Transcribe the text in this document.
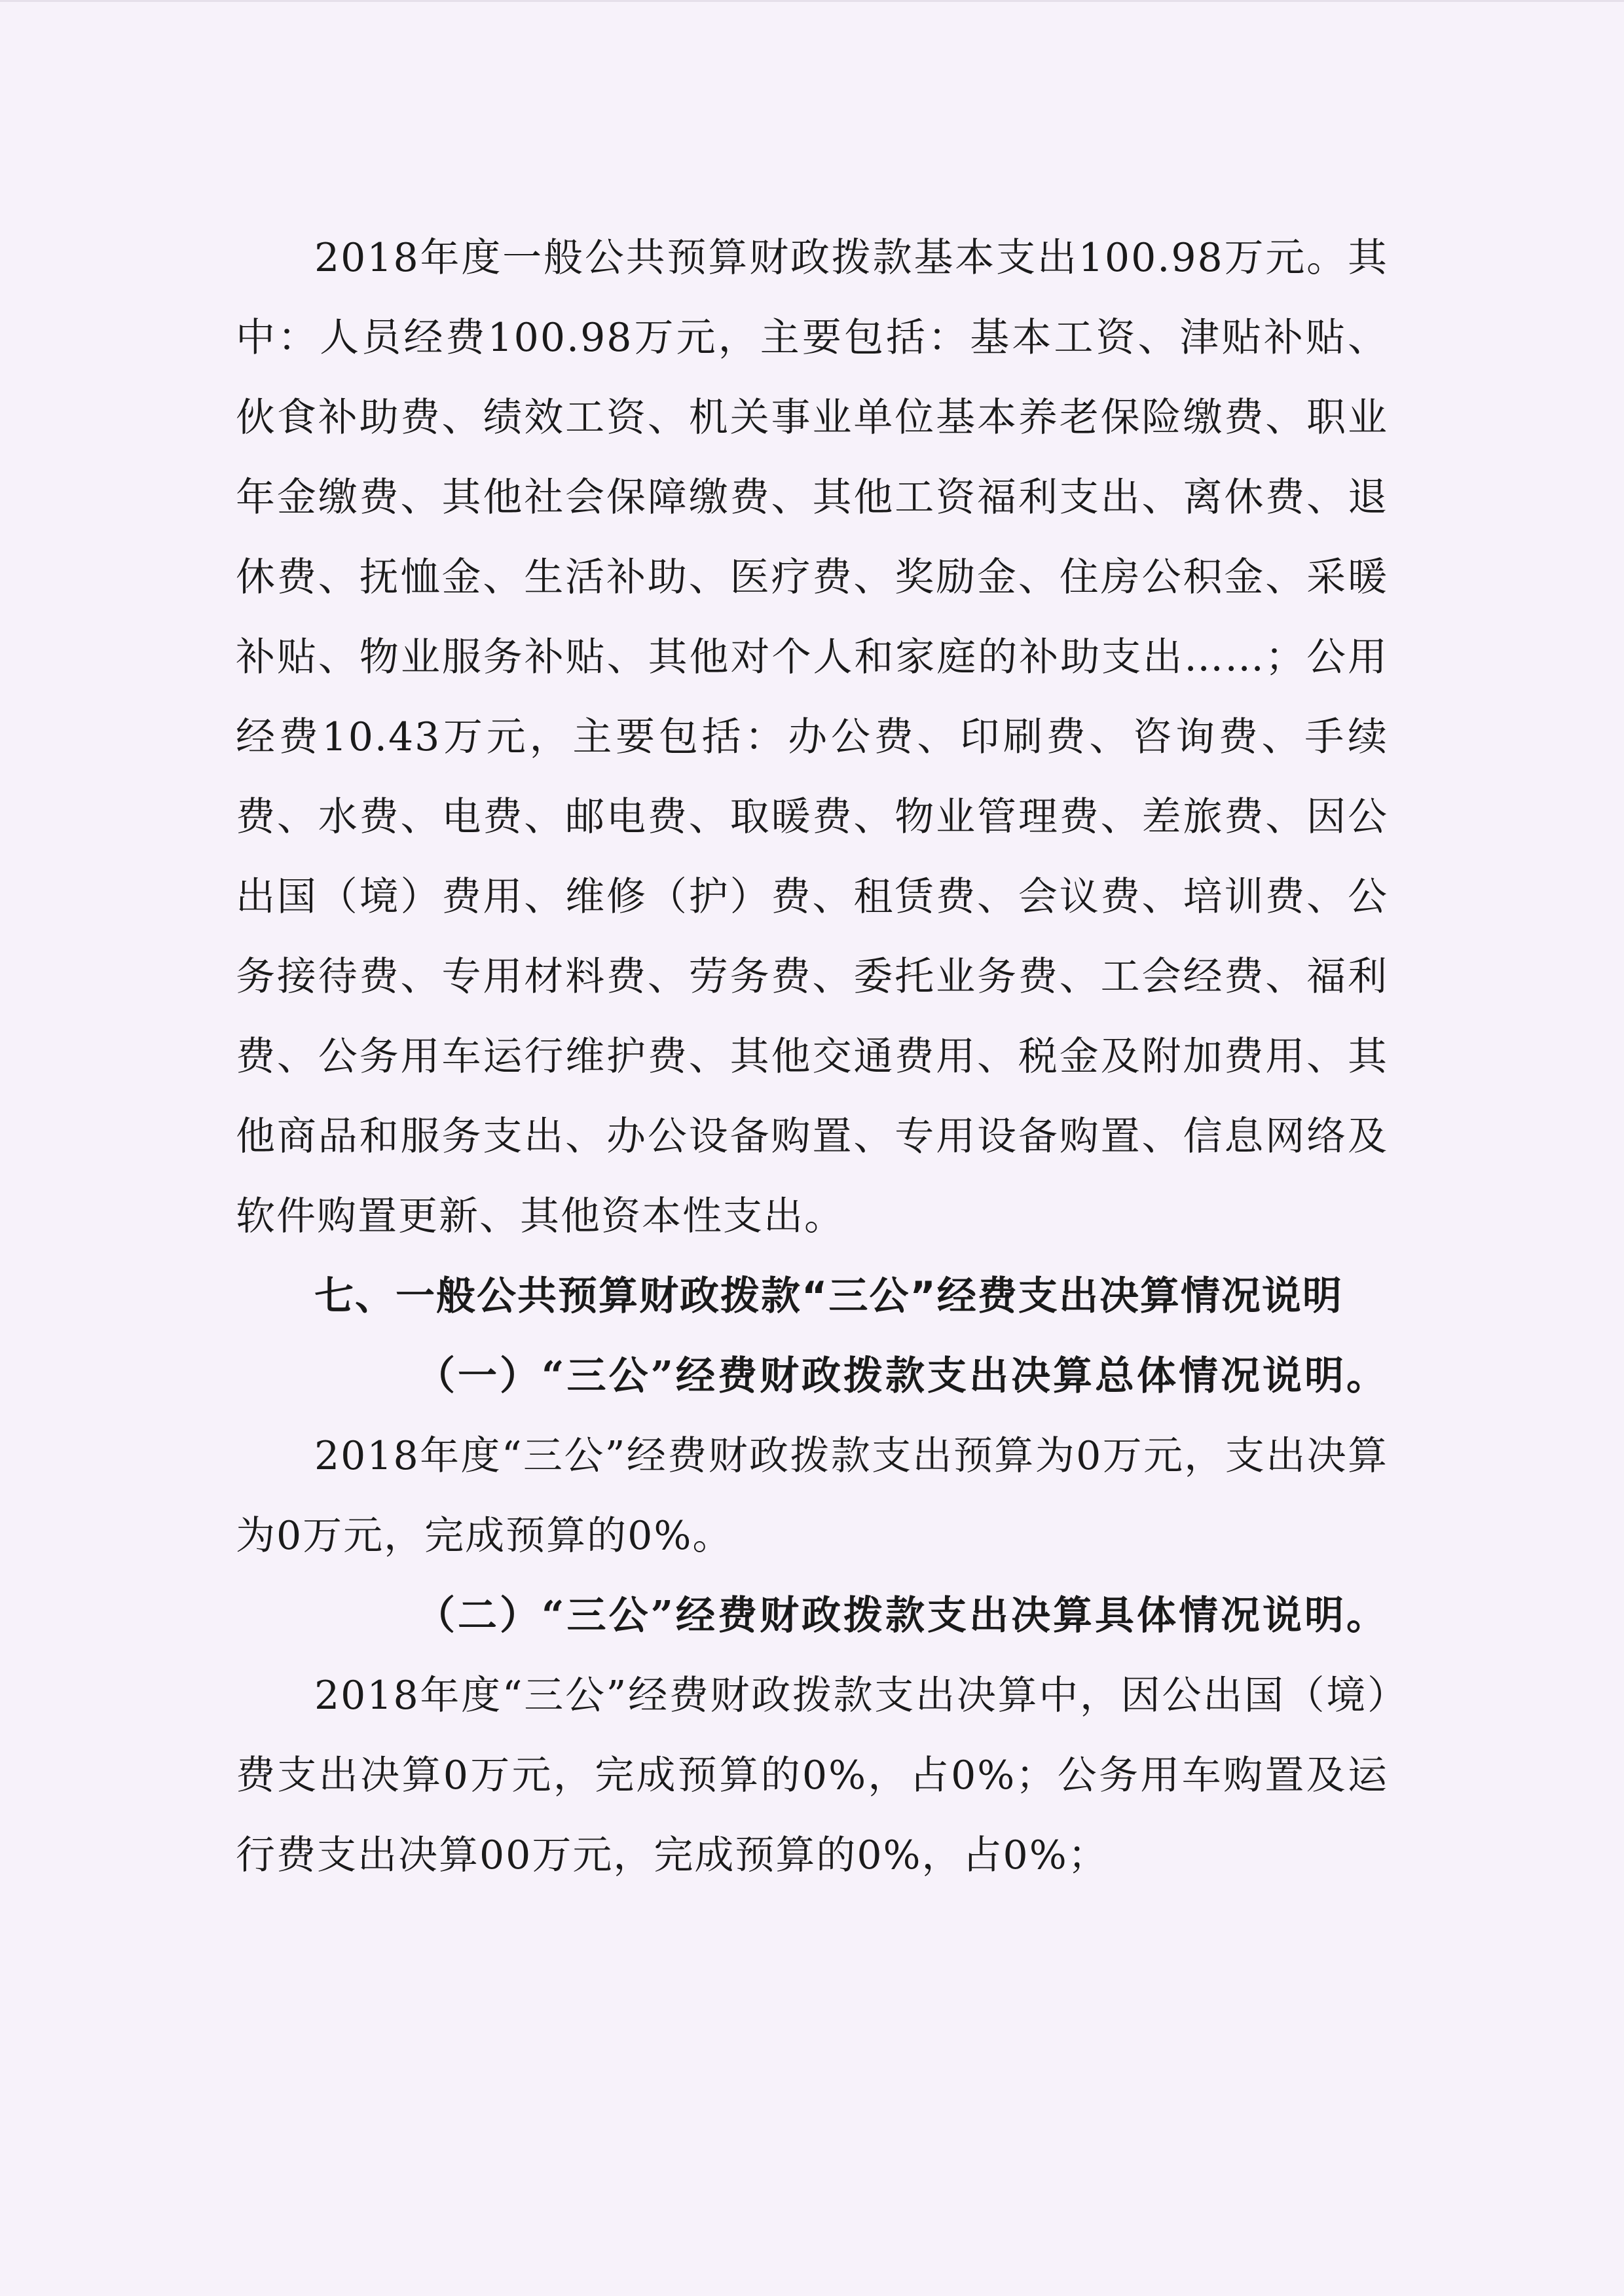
2018年度一般公共预算财政拨款基本支出100.98万元。其中：人员经费100.98万元，主要包括：基本工资、津贴补贴、伙食补助费、绩效工资、机关事业单位基本养老保险缴费、职业年金缴费、其他社会保障缴费、其他工资福利支出、离休费、退休费、抚恤金、生活补助、医疗费、奖励金、住房公积金、采暖补贴、物业服务补贴、其他对个人和家庭的补助支出……；公用经费10.43万元，主要包括：办公费、印刷费、咨询费、手续费、水费、电费、邮电费、取暖费、物业管理费、差旅费、因公出国（境）费用、维修（护）费、租赁费、会议费、培训费、公务接待费、专用材料费、劳务费、委托业务费、工会经费、福利费、公务用车运行维护费、其他交通费用、税金及附加费用、其他商品和服务支出、办公设备购置、专用设备购置、信息网络及软件购置更新、其他资本性支出。

七、一般公共预算财政拨款“三公”经费支出决算情况说明

（一）“三公”经费财政拨款支出决算总体情况说明。

2018年度“三公”经费财政拨款支出预算为0万元，支出决算为0万元，完成预算的0%。

（二）“三公”经费财政拨款支出决算具体情况说明。

2018年度“三公”经费财政拨款支出决算中，因公出国（境）费支出决算0万元，完成预算的0%，占0%；公务用车购置及运行费支出决算00万元，完成预算的0%，占0%；
